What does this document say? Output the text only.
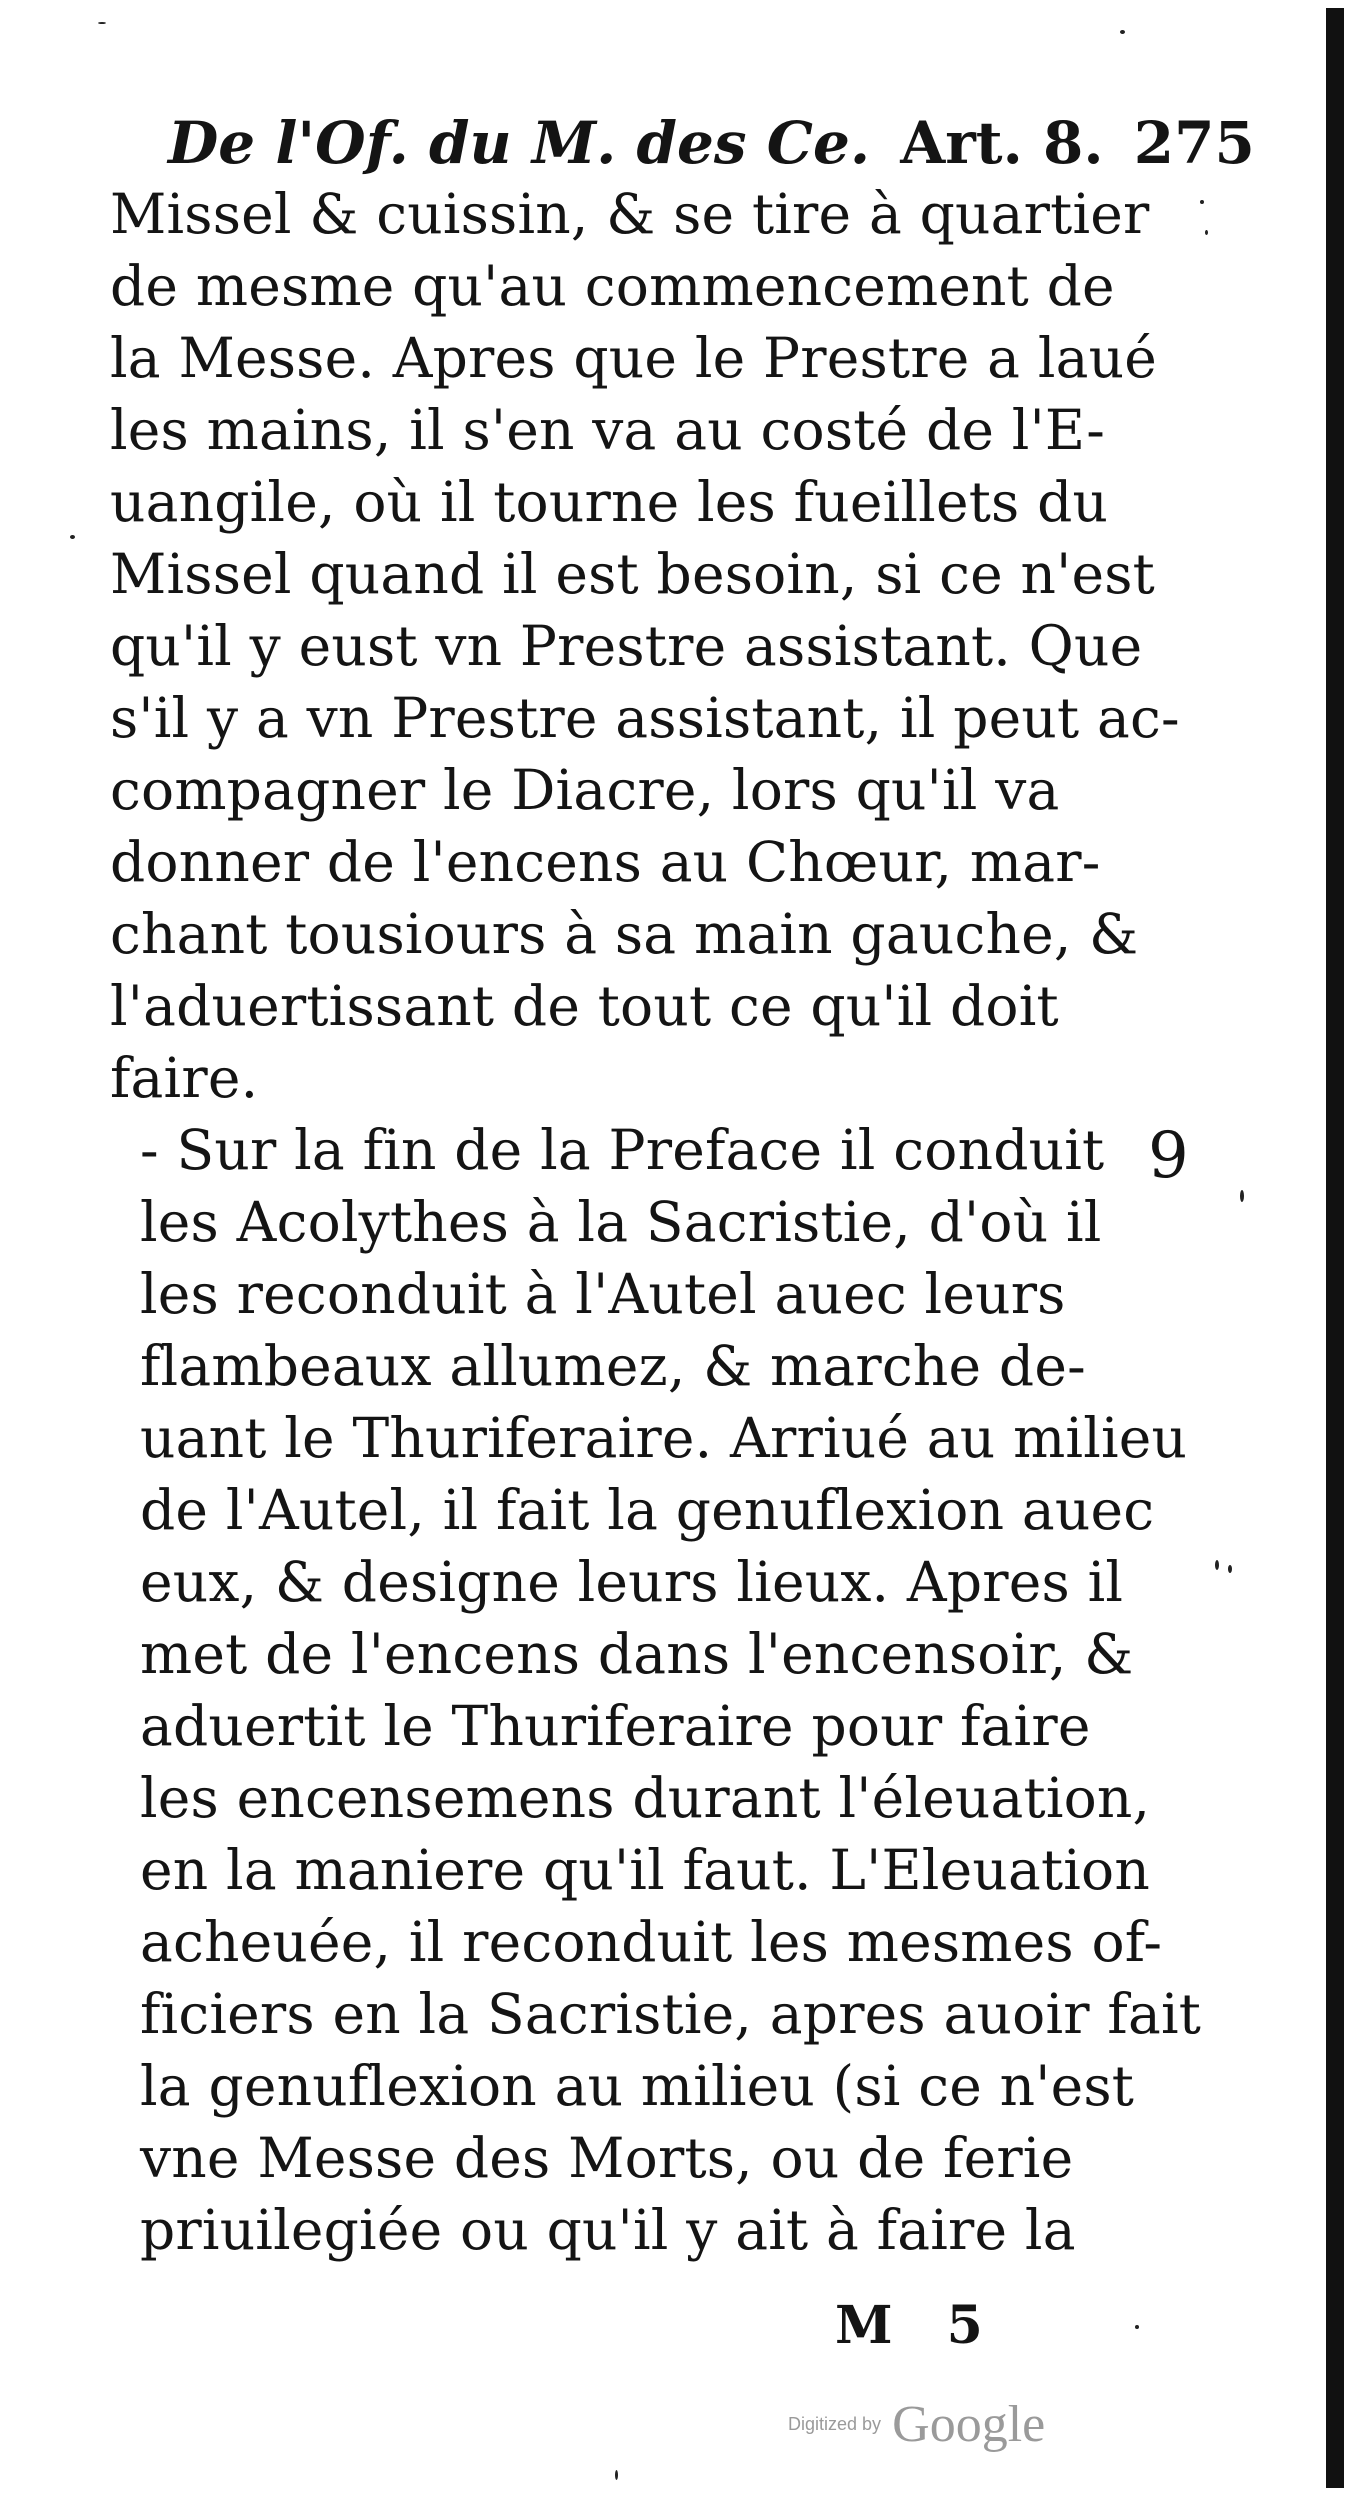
De l'Of. du M. des Ce. Art. 8. 275
Missel & cuissin, & se tire à quartier
de mesme qu'au commencement de
la Messe. Apres que le Prestre a laué
les mains, il s'en va au costé de l'E-
uangile, où il tourne les fueillets du
Missel quand il est besoin, si ce n'est
qu'il y eust vn Prestre assistant. Que
s'il y a vn Prestre assistant, il peut ac-
compagner le Diacre, lors qu'il va
donner de l'encens au Chœur, mar-
chant tousiours à sa main gauche, &
l'aduertissant de tout ce qu'il doit
faire.
- Sur la fin de la Preface il conduit
les Acolythes à la Sacristie, d'où il
les reconduit à l'Autel auec leurs
flambeaux allumez, & marche de-
uant le Thuriferaire. Arriué au milieu
de l'Autel, il fait la genuflexion auec
eux, & designe leurs lieux. Apres il
met de l'encens dans l'encensoir, &
aduertit le Thuriferaire pour faire
les encensemens durant l'éleuation,
en la maniere qu'il faut. L'Eleuation
acheuée, il reconduit les mesmes of-
ficiers en la Sacristie, apres auoir fait
la genuflexion au milieu (si ce n'est
vne Messe des Morts, ou de ferie
priuilegiée ou qu'il y ait à faire la
9
M 5
Digitized by Google
